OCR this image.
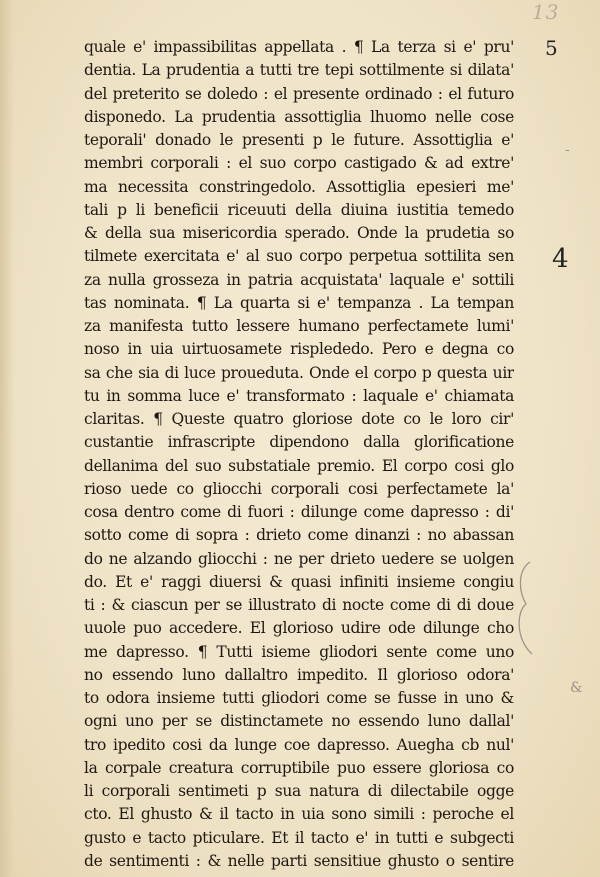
13
5
4
-
&
quale e' impassibilitas appellata . ¶ La terza si e' pru'
dentia. La prudentia a tutti tre tepi sottilmente si dilata'
del preterito se doledo : el presente ordinado : el futuro
disponedo. La prudentia assottiglia lhuomo nelle cose
teporali' donado le presenti p le future. Assottiglia e'
membri corporali : el suo corpo castigado & ad extre'
ma necessita constringedolo. Assottiglia epesieri me'
tali p li beneficii riceuuti della diuina iustitia temedo
& della sua misericordia sperado. Onde la prudetia so
tilmete exercitata e' al suo corpo perpetua sottilita sen
za nulla grosseza in patria acquistata' laquale e' sottili
tas nominata. ¶ La quarta si e' tempanza . La tempan
za manifesta tutto lessere humano perfectamete lumi'
noso in uia uirtuosamete risplededo. Pero e degna co
sa che sia di luce proueduta. Onde el corpo p questa uir
tu in somma luce e' transformato : laquale e' chiamata
claritas. ¶ Queste quatro gloriose dote co le loro cir'
custantie infrascripte dipendono dalla glorificatione
dellanima del suo substatiale premio. El corpo cosi glo
rioso uede co gliocchi corporali cosi perfectamete la'
cosa dentro come di fuori : dilunge come dapresso : di'
sotto come di sopra : drieto come dinanzi : no abassan
do ne alzando gliocchi : ne per drieto uedere se uolgen
do. Et e' raggi diuersi & quasi infiniti insieme congiu
ti : & ciascun per se illustrato di nocte come di di doue
uuole puo accedere. El glorioso udire ode dilunge cho
me dapresso. ¶ Tutti isieme gliodori sente come uno
no essendo luno dallaltro impedito. Il glorioso odora'
to odora insieme tutti gliodori come se fusse in uno &
ogni uno per se distinctamete no essendo luno dallal'
tro ipedito cosi da lunge coe dapresso. Auegha cb nul'
la corpale creatura corruptibile puo essere gloriosa co
li corporali sentimeti p sua natura di dilectabile ogge
cto. El ghusto & il tacto in uia sono simili : peroche el
gusto e tacto pticulare. Et il tacto e' in tutti e subgecti
de sentimenti : & nelle parti sensitiue ghusto o sentire
